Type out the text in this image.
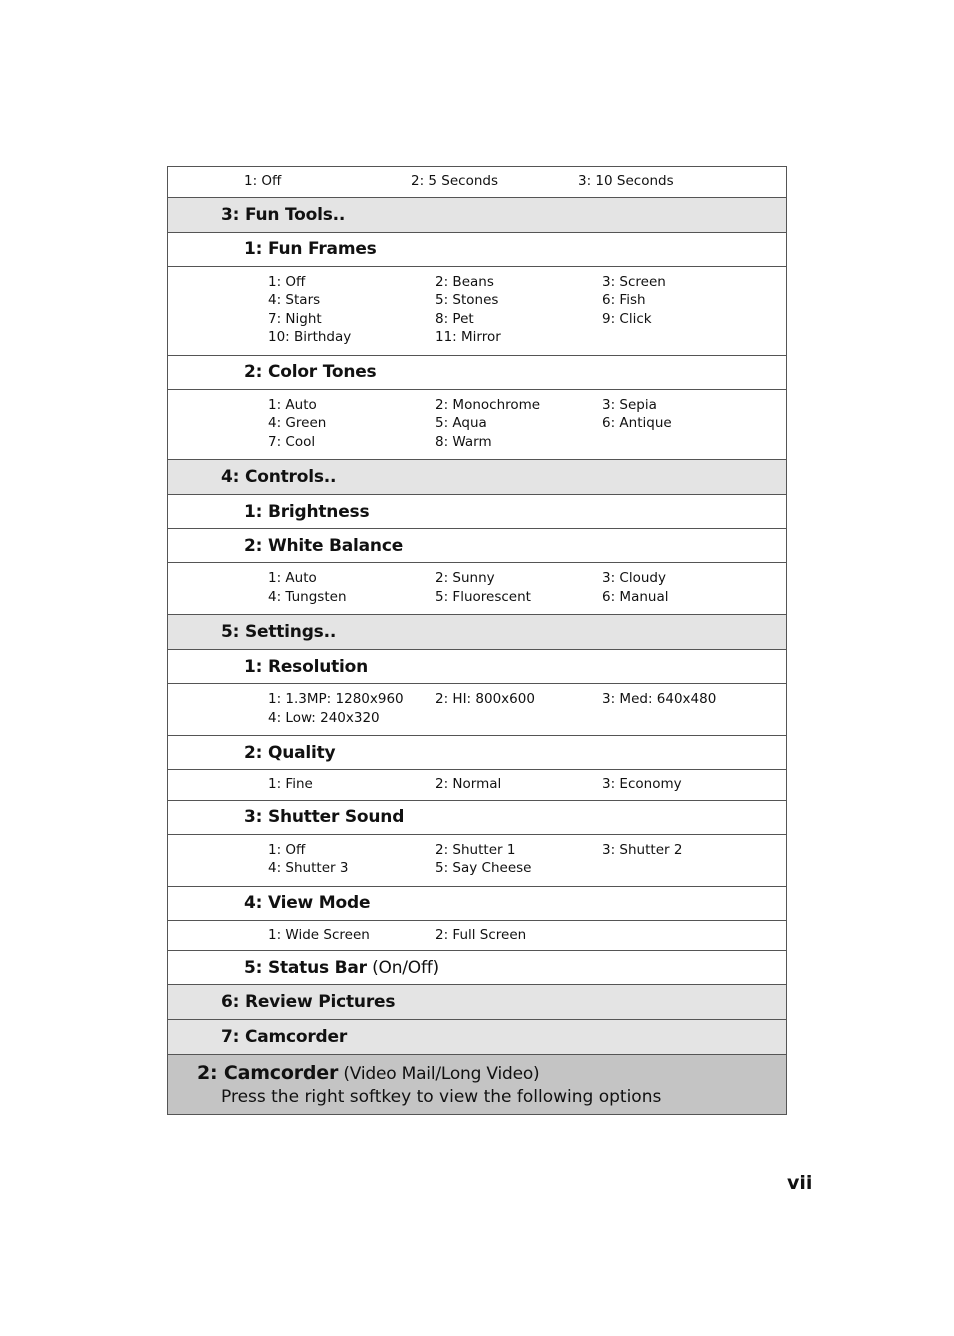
1: Off	2: 5 Seconds	3: 10 Seconds
3: Fun Tools..
1: Fun Frames
1: Off	2: Beans	3: Screen
4: Stars	5: Stones	6: Fish
7: Night	8: Pet	9: Click
10: Birthday	11: Mirror
2: Color Tones
1: Auto	2: Monochrome	3: Sepia
4: Green	5: Aqua	6: Antique
7: Cool	8: Warm
4: Controls..
1: Brightness
2: White Balance
1: Auto	2: Sunny	3: Cloudy
4: Tungsten	5: Fluorescent	6: Manual
5: Settings..
1: Resolution
1: 1.3MP: 1280x960	2: HI: 800x600	3: Med: 640x480
4: Low: 240x320
2: Quality
1: Fine	2: Normal	3: Economy
3: Shutter Sound
1: Off	2: Shutter 1	3: Shutter 2
4: Shutter 3	5: Say Cheese
4: View Mode
1: Wide Screen	2: Full Screen
5: Status Bar (On/Off)
6: Review Pictures
7: Camcorder
2: Camcorder (Video Mail/Long Video)
Press the right softkey to view the following options
vii
